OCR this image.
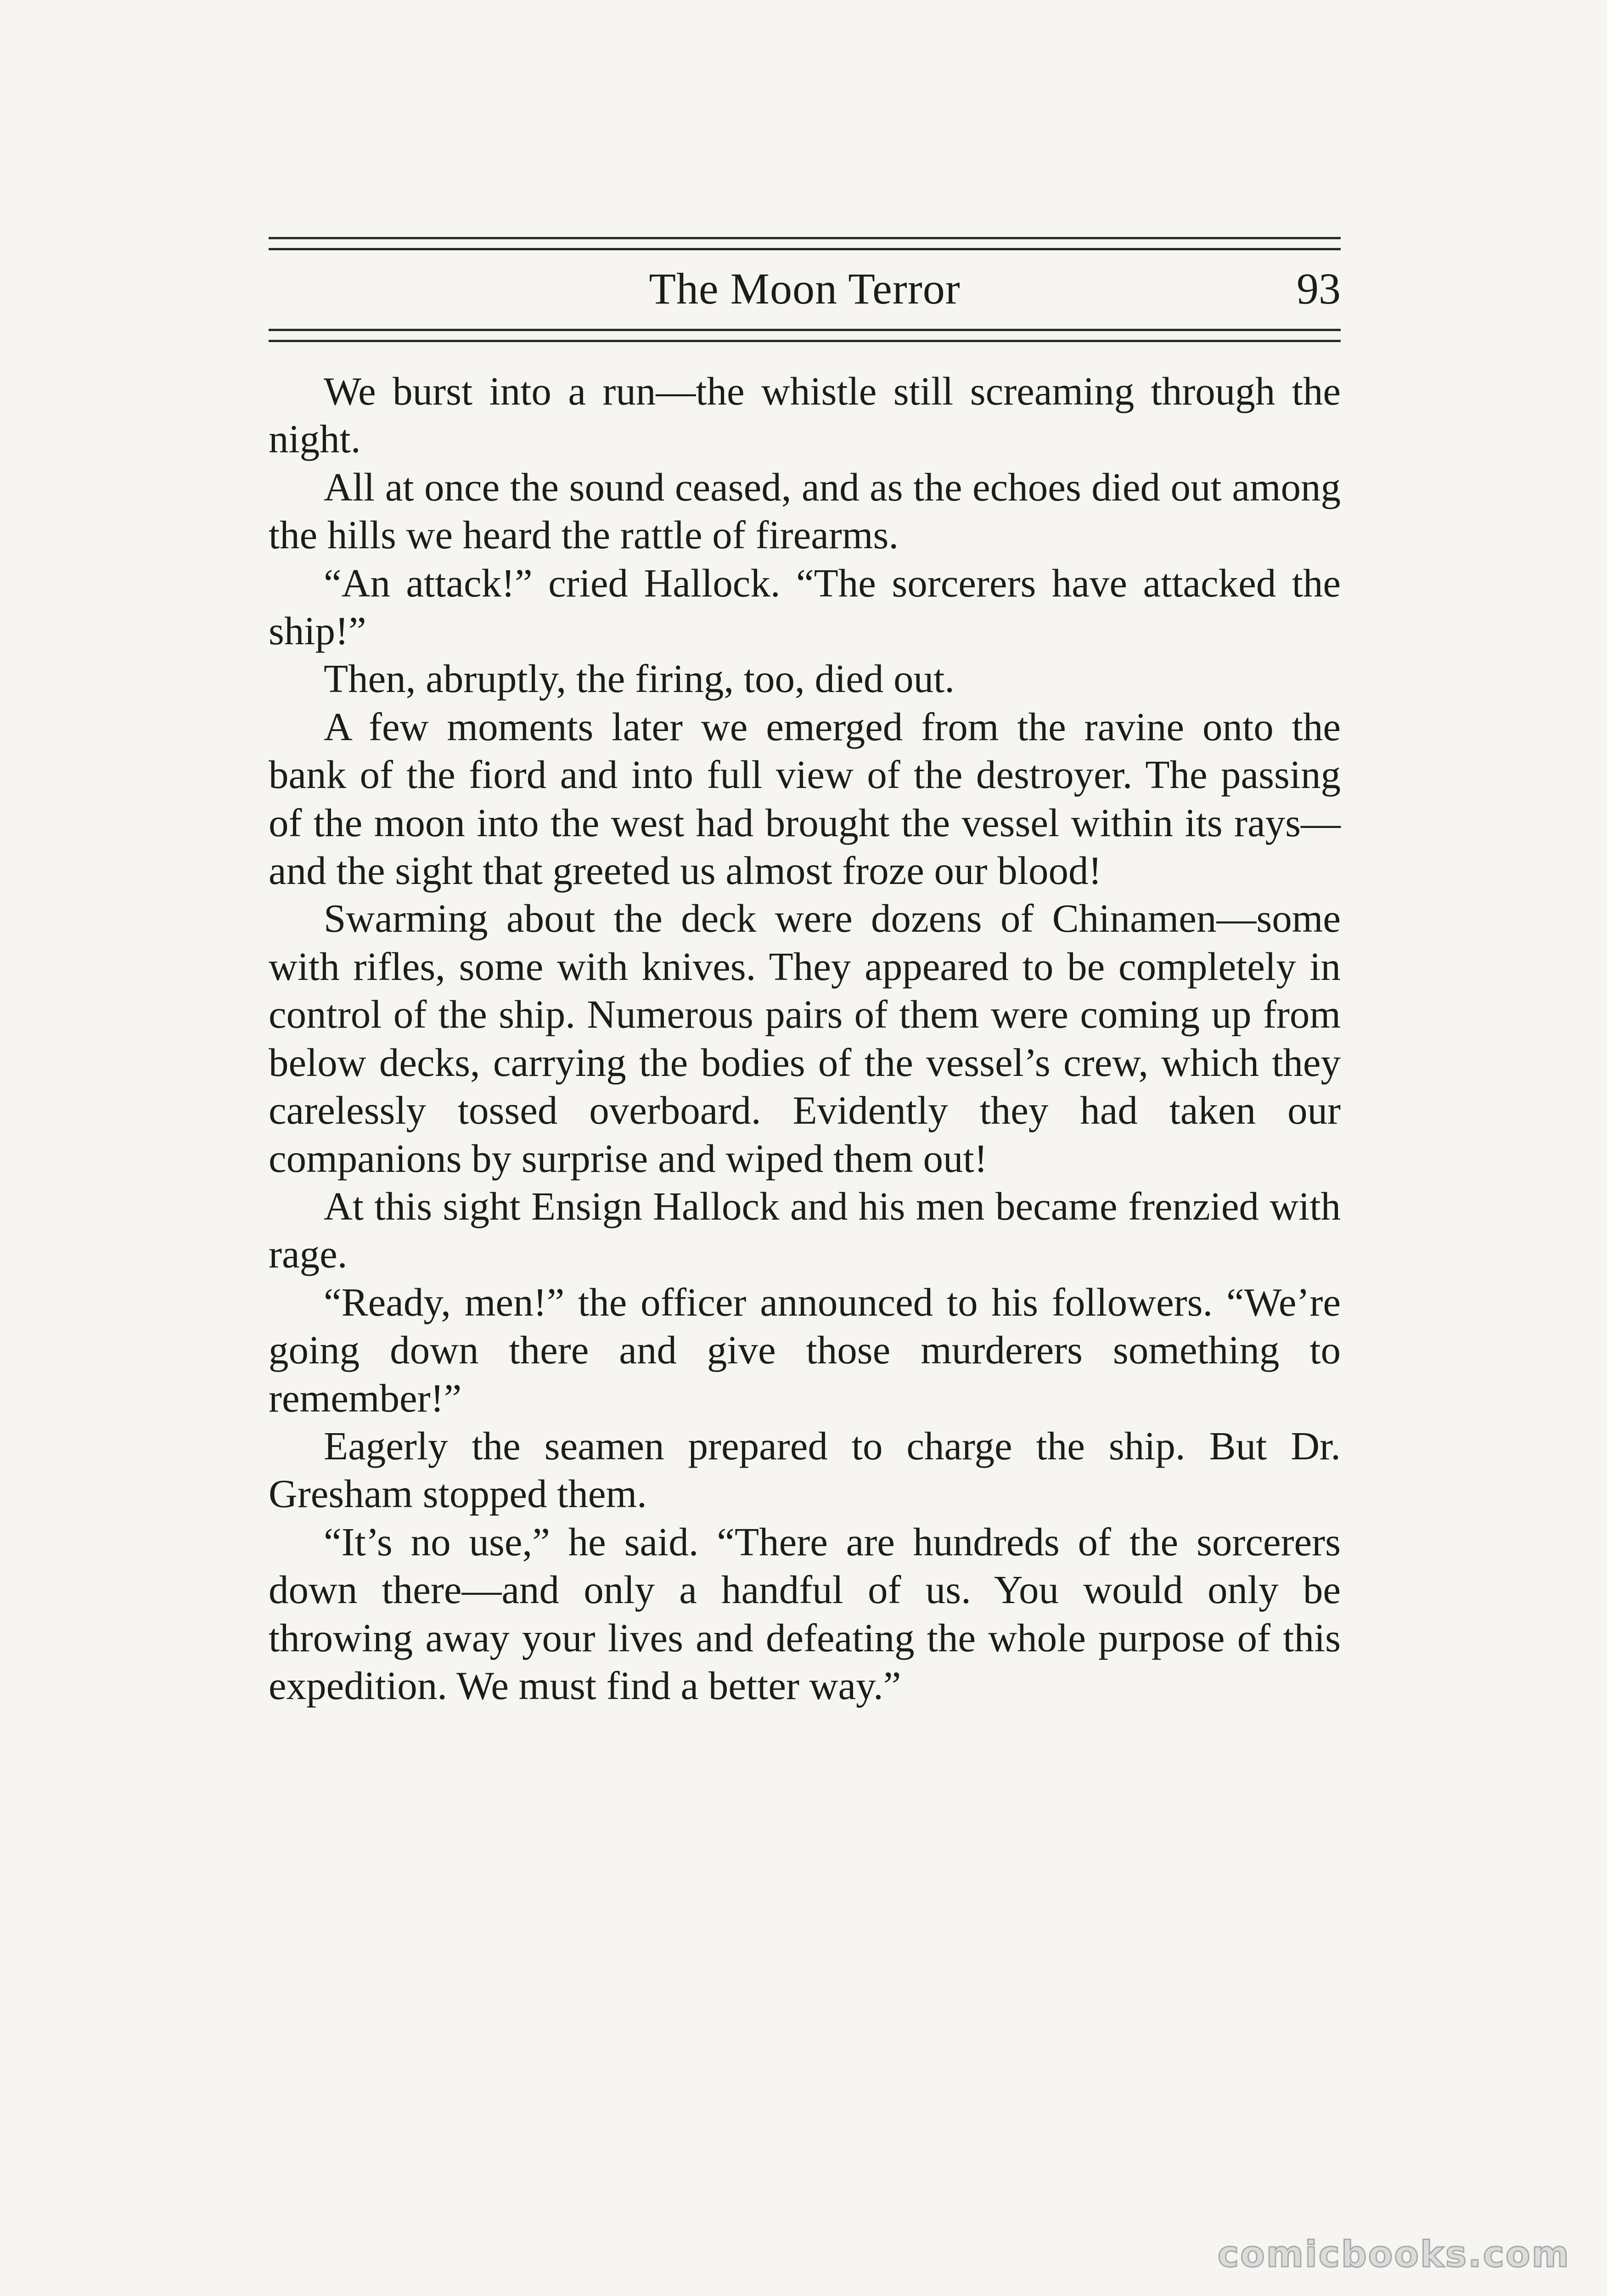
The Moon Terror	93

We burst into a run—the whistle still screaming through the night.

All at once the sound ceased, and as the echoes died out among the hills we heard the rattle of firearms.

“An attack!” cried Hallock. “The sorcerers have attacked the ship!”

Then, abruptly, the firing, too, died out.

A few moments later we emerged from the ravine onto the bank of the fiord and into full view of the destroyer. The passing of the moon into the west had brought the vessel within its rays—and the sight that greeted us almost froze our blood!

Swarming about the deck were dozens of Chinamen—some with rifles, some with knives. They appeared to be completely in control of the ship. Numerous pairs of them were coming up from below decks, carrying the bodies of the vessel’s crew, which they carelessly tossed overboard. Evidently they had taken our companions by surprise and wiped them out!

At this sight Ensign Hallock and his men became frenzied with rage.

“Ready, men!” the officer announced to his followers. “We’re going down there and give those murderers something to remember!”

Eagerly the seamen prepared to charge the ship. But Dr. Gresham stopped them.

“It’s no use,” he said. “There are hundreds of the sorcerers down there—and only a handful of us. You would only be throwing away your lives and defeating the whole purpose of this expedition. We must find a better way.”

comicbooks.com
